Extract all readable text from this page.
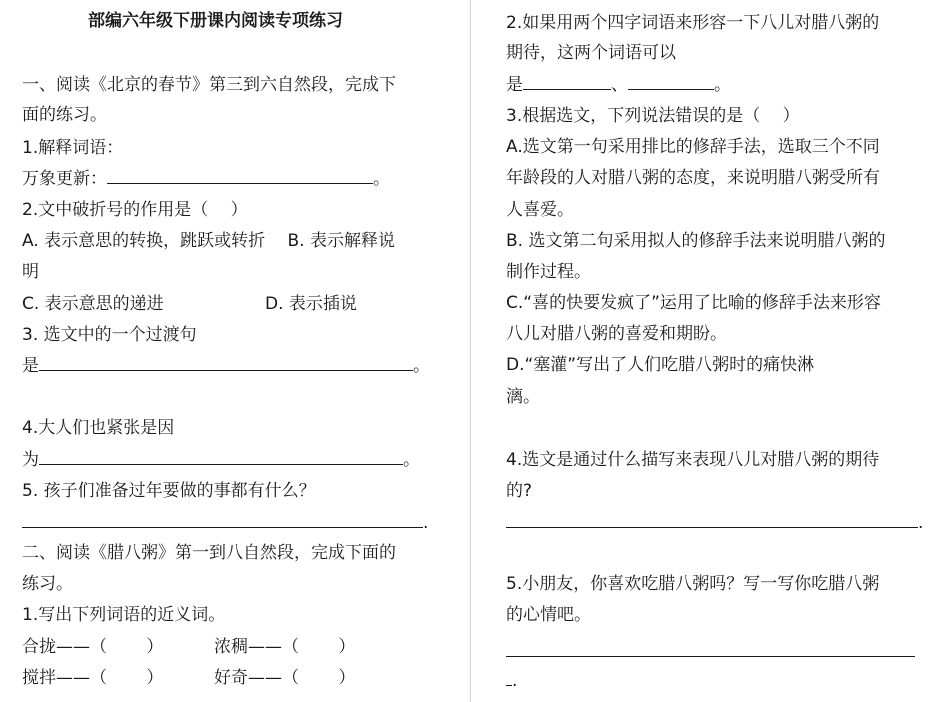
部编六年级下册课内阅读专项练习
一、阅读《北京的春节》第三到六自然段，完成下
面的练习。
1.解释词语：
万象更新：	。
2.文中破折号的作用是（　 ）
A. 表示意思的转换，跳跃或转折　 B. 表示解释说
明
C. 表示意思的递进	D. 表示插说
3. 选文中的一个过渡句
是	。
4.大人们也紧张是因
为	。
5. 孩子们准备过年要做的事都有什么？
.
二、阅读《腊八粥》第一到八自然段，完成下面的
练习。
1.写出下列词语的近义词。
合拢——（　　 ）	浓稠——（　　 ）
搅拌——（　　 ）	好奇——（　　 ）
2.如果用两个四字词语来形容一下八儿对腊八粥的
期待，这两个词语可以
是	、	。
3.根据选文，下列说法错误的是（　 ）
A.选文第一句采用排比的修辞手法，选取三个不同
年龄段的人对腊八粥的态度，来说明腊八粥受所有
人喜爱。
B. 选文第二句采用拟人的修辞手法来说明腊八粥的
制作过程。
C.“喜的快要发疯了”运用了比喻的修辞手法来形容
八儿对腊八粥的喜爱和期盼。
D.“塞灌”写出了人们吃腊八粥时的痛快淋
漓。
4.选文是通过什么描写来表现八儿对腊八粥的期待
的?
.
5.小朋友，你喜欢吃腊八粥吗？写一写你吃腊八粥
的心情吧。
.
